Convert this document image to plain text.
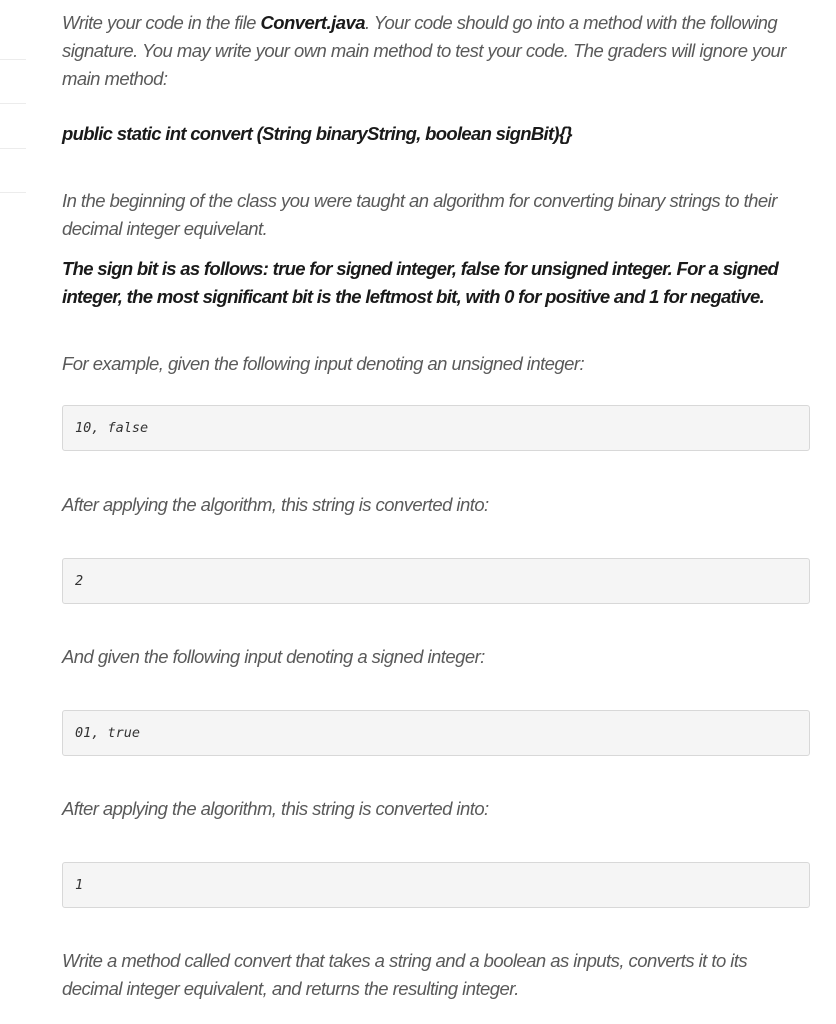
Write your code in the file Convert.java. Your code should go into a method with the following signature. You may write your own main method to test your code. The graders will ignore your main method:

public static int convert (String binaryString, boolean signBit){}

In the beginning of the class you were taught an algorithm for converting binary strings to their decimal integer equivelant.

The sign bit is as follows: true for signed integer, false for unsigned integer. For a signed integer, the most significant bit is the leftmost bit, with 0 for positive and 1 for negative.

For example, given the following input denoting an unsigned integer:

10, false

After applying the algorithm, this string is converted into:

2

And given the following input denoting a signed integer:

01, true

After applying the algorithm, this string is converted into:

1

Write a method called convert that takes a string and a boolean as inputs, converts it to its decimal integer equivalent, and returns the resulting integer.
